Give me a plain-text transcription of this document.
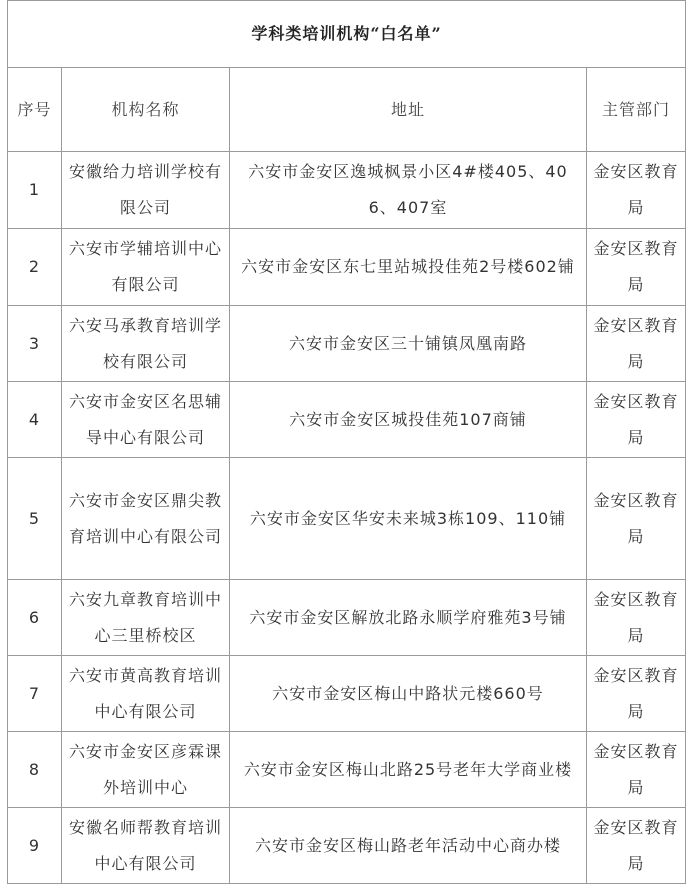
学科类培训机构“白名单”			
序号	机构名称	地址	主管部门
1	安徽给力培训学校有限公司	六安市金安区逸城枫景小区4#楼405、406、407室	金安区教育局
2	六安市学辅培训中心有限公司	六安市金安区东七里站城投佳苑2号楼602铺	金安区教育局
3	六安马承教育培训学校有限公司	六安市金安区三十铺镇凤凰南路	金安区教育局
4	六安市金安区名思辅导中心有限公司	六安市金安区城投佳苑107商铺	金安区教育局
5	六安市金安区鼎尖教育培训中心有限公司	六安市金安区华安未来城3栋109、110铺	金安区教育局
6	六安九章教育培训中心三里桥校区	六安市金安区解放北路永顺学府雅苑3号铺	金安区教育局
7	六安市黄高教育培训中心有限公司	六安市金安区梅山中路状元楼660号	金安区教育局
8	六安市金安区彦霖课外培训中心	六安市金安区梅山北路25号老年大学商业楼	金安区教育局
9	安徽名师帮教育培训中心有限公司	六安市金安区梅山路老年活动中心商办楼	金安区教育局
